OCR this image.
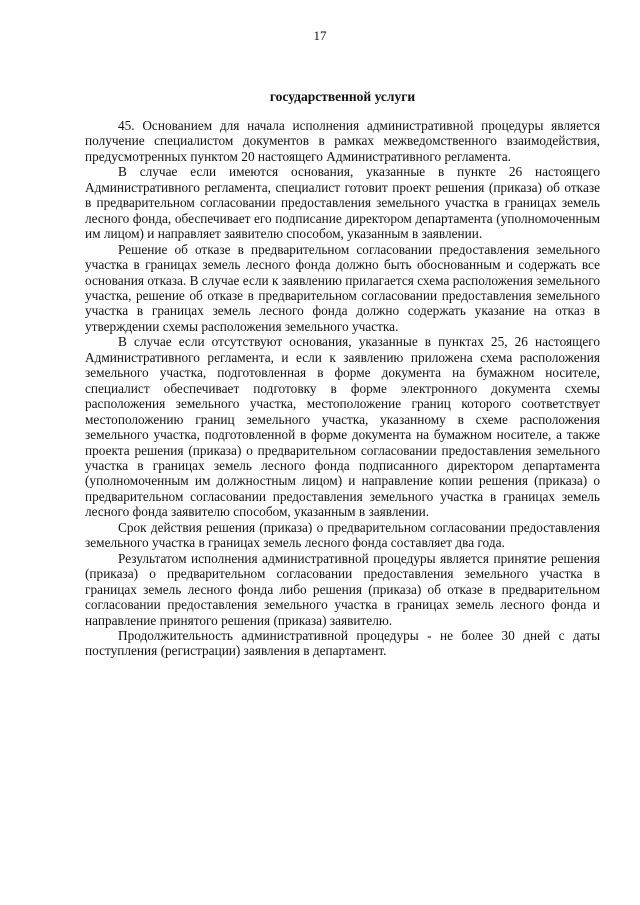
17
государственной услуги

45. Основанием для начала исполнения административной процедуры является получение специалистом документов в рамках межведомственного взаимодействия, предусмотренных пунктом 20 настоящего Административного регламента.

В случае если имеются основания, указанные в пункте 26 настоящего Административного регламента, специалист готовит проект решения (приказа) об отказе в предварительном согласовании предоставления земельного участка в границах земель лесного фонда, обеспечивает его подписание директором департамента (уполномоченным им лицом) и направляет заявителю способом, указанным в заявлении.

Решение об отказе в предварительном согласовании предоставления земельного участка в границах земель лесного фонда должно быть обоснованным и содержать все основания отказа. В случае если к заявлению прилагается схема расположения земельного участка, решение об отказе в предварительном согласовании предоставления земельного участка в границах земель лесного фонда должно содержать указание на отказ в утверждении схемы расположения земельного участка.

В случае если отсутствуют основания, указанные в пунктах 25, 26 настоящего Административного регламента, и если к заявлению приложена схема расположения земельного участка, подготовленная в форме документа на бумажном носителе, специалист обеспечивает подготовку в форме электронного документа схемы расположения земельного участка, местоположение границ которого соответствует местоположению границ земельного участка, указанному в схеме расположения земельного участка, подготовленной в форме документа на бумажном носителе, а также проекта решения (приказа) о предварительном согласовании предоставления земельного участка в границах земель лесного фонда подписанного директором департамента (уполномоченным им должностным лицом) и направление копии решения (приказа) о предварительном согласовании предоставления земельного участка в границах земель лесного фонда заявителю способом, указанным в заявлении.

Срок действия решения (приказа) о предварительном согласовании предоставления земельного участка в границах земель лесного фонда составляет два года.

Результатом исполнения административной процедуры является принятие решения (приказа) о предварительном согласовании предоставления земельного участка в границах земель лесного фонда либо решения (приказа) об отказе в предварительном согласовании предоставления земельного участка в границах земель лесного фонда и направление принятого решения (приказа) заявителю.

Продолжительность административной процедуры - не более 30 дней с даты поступления (регистрации) заявления в департамент.
